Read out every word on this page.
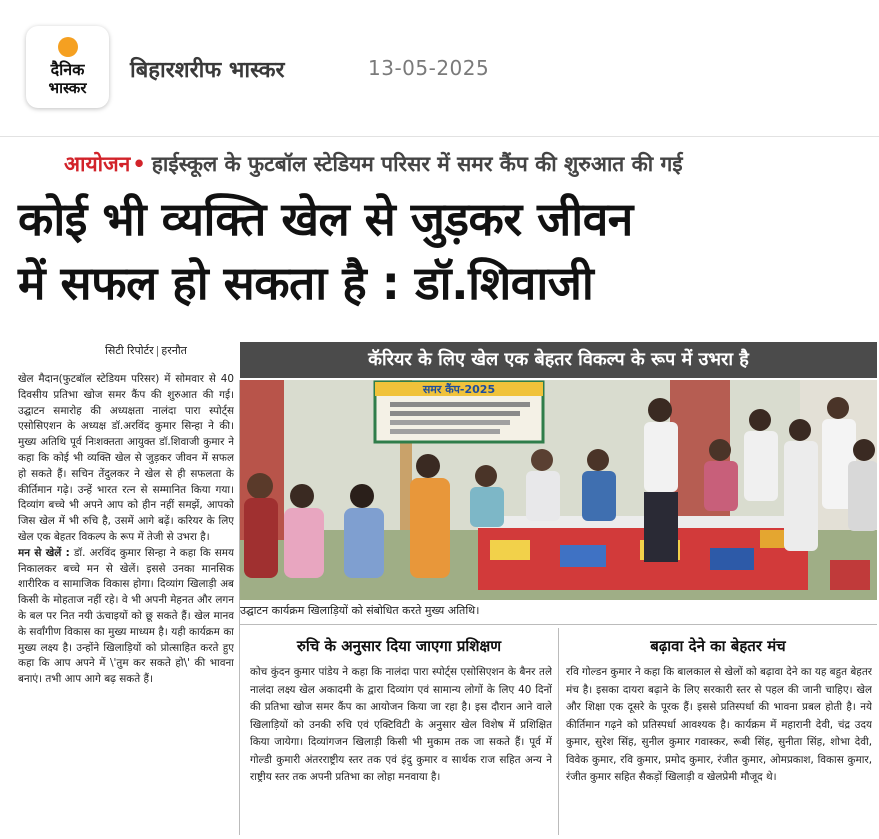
दैनिक
भास्कर
बिहारशरीफ भास्कर	13-05-2025
आयोजन• हाईस्कूल के फुटबॉल स्टेडियम परिसर में समर कैंप की शुरुआत की गई
कोई भी व्यक्ति खेल से जुड़कर जीवन
में सफल हो सकता है : डॉ.शिवाजी
सिटी रिपोर्टर | हरनौत

खेल मैदान(फुटबॉल स्टेडियम परिसर) में सोमवार से 40 दिवसीय प्रतिभा खोज समर कैंप की शुरुआत की गई। उद्घाटन समारोह की अध्यक्षता नालंदा पारा स्पोर्ट्स एसोसिएशन के अध्यक्ष डॉ.अरविंद कुमार सिन्हा ने की। मुख्य अतिथि पूर्व निःशक्तता आयुक्त डॉ.शिवाजी कुमार ने कहा कि कोई भी व्यक्ति खेल से जुड़कर जीवन में सफल हो सकते हैं। सचिन तेंदुलकर ने खेल से ही सफलता के कीर्तिमान गढ़े। उन्हें भारत रत्न से सम्मानित किया गया। दिव्यांग बच्चे भी अपने आप को हीन नहीं समझें, आपको जिस खेल में भी रुचि है, उसमें आगे बढ़ें। करियर के लिए खेल एक बेहतर विकल्प के रूप में तेजी से उभरा है।

मन से खेलें : डॉ. अरविंद कुमार सिन्हा ने कहा कि समय निकालकर बच्चे मन से खेलें। इससे उनका मानसिक शारीरिक व सामाजिक विकास होगा। दिव्यांग खिलाड़ी अब किसी के मोहताज नहीं रहे। वे भी अपनी मेहनत और लगन के बल पर नित नयी ऊंचाइयों को छू सकते हैं। खेल मानव के सर्वांगीण विकास का मुख्य माध्यम है। यही कार्यक्रम का मुख्य लक्ष्य है। उन्होंने खिलाड़ियों को प्रोत्साहित करते हुए कहा कि आप अपने में \'तुम कर सकते हो\' की भावना बनाएं। तभी आप आगे बढ़ सकते हैं।

कॅरियर के लिए खेल एक बेहतर विकल्प के रूप में उभरा है
समर कैंप-2025
उद्घाटन कार्यक्रम खिलाड़ियों को संबोधित करते मुख्य अतिथि।
रुचि के अनुसार दिया जाएगा प्रशिक्षण

कोच कुंदन कुमार पांडेय ने कहा कि नालंदा पारा स्पोर्ट्स एसोसिएशन के बैनर तले नालंदा लक्ष्य खेल अकादमी के द्वारा दिव्यांग एवं सामान्य लोगों के लिए 40 दिनों की प्रतिभा खोज समर कैंप का आयोजन किया जा रहा है। इस दौरान आने वाले खिलाड़ियों को उनकी रुचि एवं एक्टिविटी के अनुसार खेल विशेष में प्रशिक्षित किया जायेगा। दिव्यांगजन खिलाड़ी किसी भी मुकाम तक जा सकते हैं। पूर्व में गोल्डी कुमारी अंतरराष्ट्रीय स्तर तक एवं इंदु कुमार व सार्थक राज सहित अन्य ने राष्ट्रीय स्तर तक अपनी प्रतिभा का लोहा मनवाया है।

बढ़ावा देने का बेहतर मंच

रवि गोल्डन कुमार ने कहा कि बालकाल से खेलों को बढ़ावा देने का यह बहुत बेहतर मंच है। इसका दायरा बढ़ाने के लिए सरकारी स्तर से पहल की जानी चाहिए। खेल और शिक्षा एक दूसरे के पूरक हैं। इससे प्रतिस्पर्धा की भावना प्रबल होती है। नये कीर्तिमान गढ़ने को प्रतिस्पर्धा आवश्यक है। कार्यक्रम में महारानी देवी, चंद्र उदय कुमार, सुरेश सिंह, सुनील कुमार गवास्कर, रूबी सिंह, सुनीता सिंह, शोभा देवी, विवेक कुमार, रवि कुमार, प्रमोद कुमार, रंजीत कुमार, ओमप्रकाश, विकास कुमार, रंजीत कुमार सहित सैकड़ों खिलाड़ी व खेलप्रेमी मौजूद थे।
